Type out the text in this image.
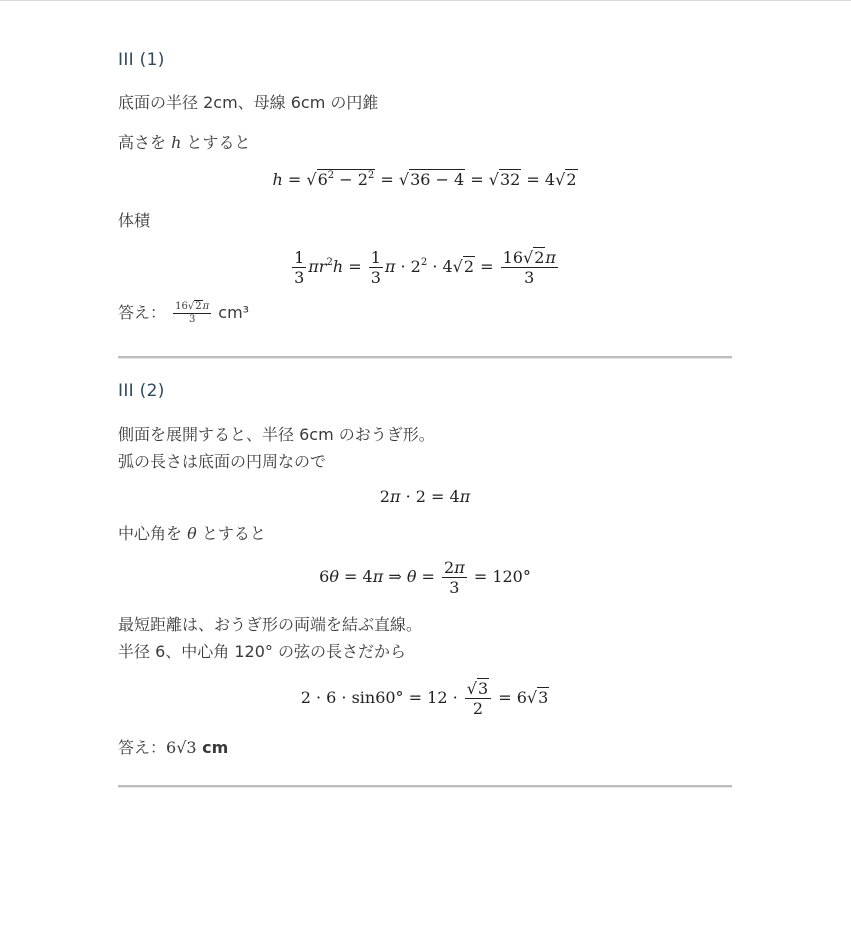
III (1)
底面の半径 2cm、母線 6cm の円錐
高さを h とすると
$h = √6^2 - 2^2 = √36 - 4 = √32 = 4√2$
体積
$\frac{1}{3} \pi r^2h = \frac{1}{3}$ $\pi \cdot 2^2 \cdot 4√2 = \frac{16√2\pi}{3}$
答え： $\frac{16√2\pi}{3} cm^3$
III (2)
側面を展開すると、半径 6cm のおうぎ形。
弧の長さは底面の円周なので
2π · 2 = 4π
中心角を θ とすると
6θ = 4π ⇒ $\theta = \frac{2\pi}{3} = 120^\circ$
最短距離は、おうぎ形の両端を結ぶ直線。
半径 6、中心角 120° の弦の長さだから
$2 \cdot 6 \cdot \sin 60^\circ = 12 \cdot \frac{√3}{2} = 6√3$
答え：6√3 cm
